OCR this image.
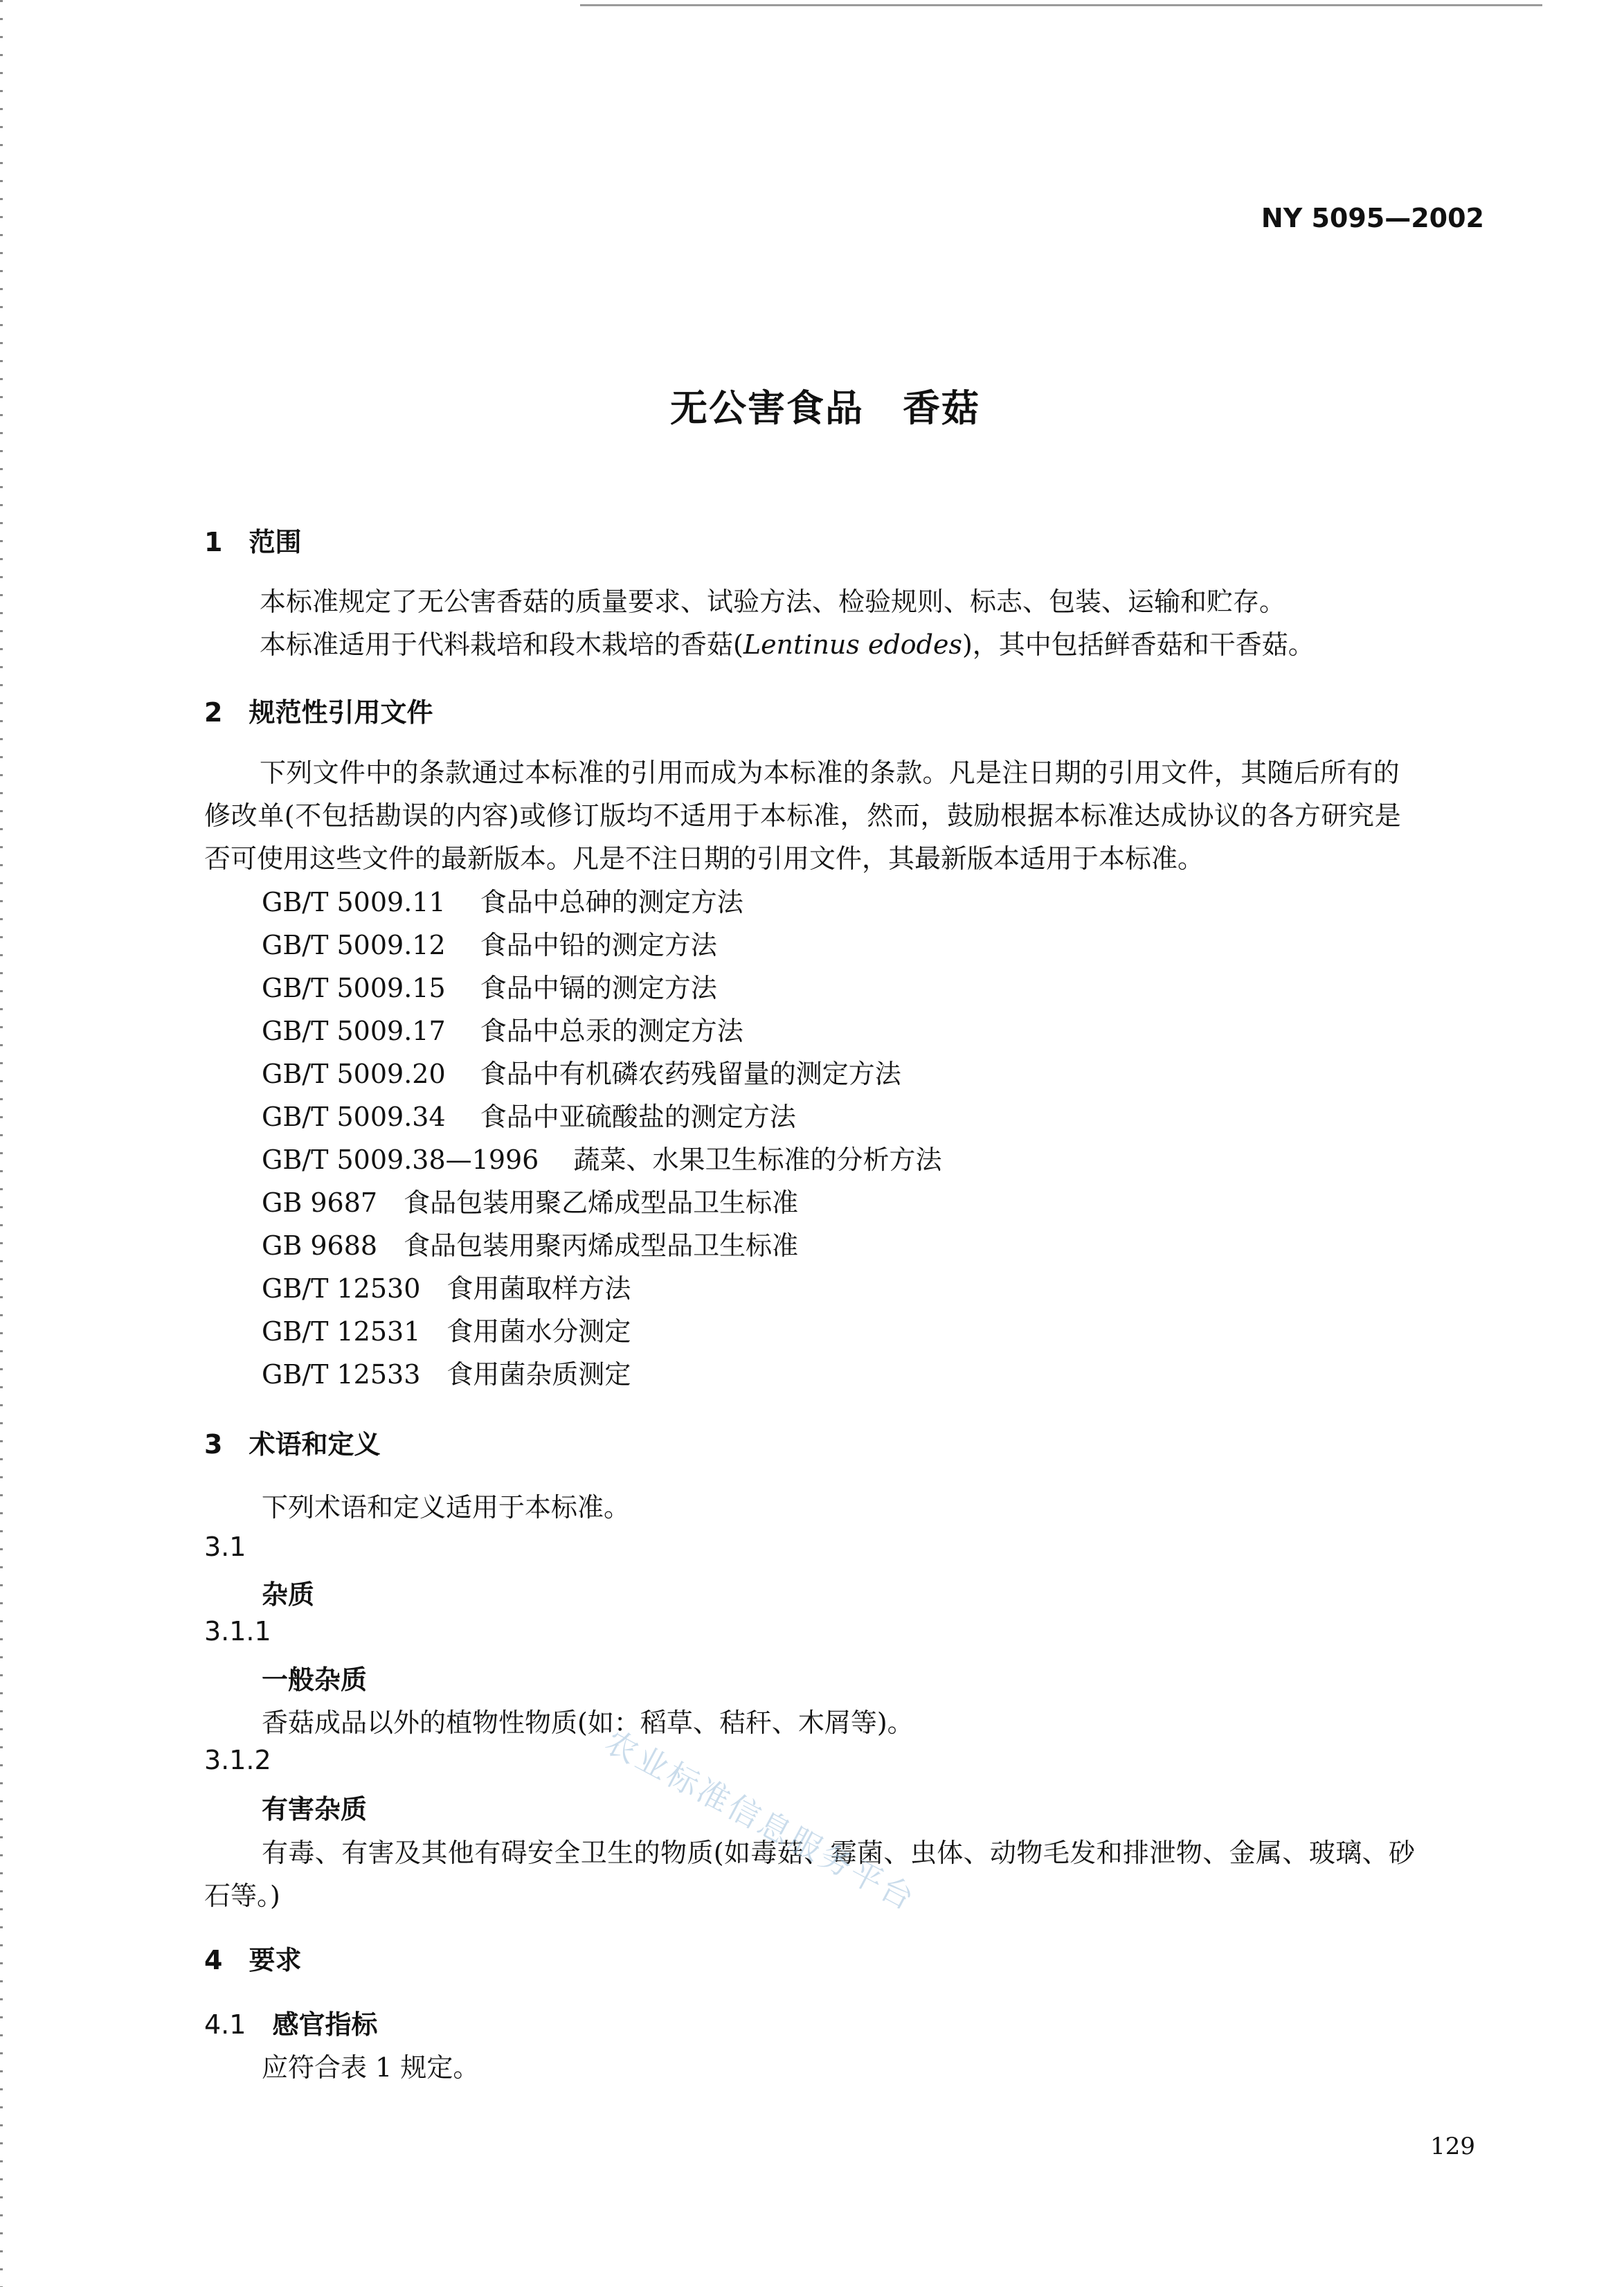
NY 5095—2002
无公害食品　香菇
1　范围
本标准规定了无公害香菇的质量要求、试验方法、检验规则、标志、包装、运输和贮存。
本标准适用于代料栽培和段木栽培的香菇(Lentinus edodes)，其中包括鲜香菇和干香菇。
2　规范性引用文件
下列文件中的条款通过本标准的引用而成为本标准的条款。凡是注日期的引用文件，其随后所有的
修改单(不包括勘误的内容)或修订版均不适用于本标准，然而，鼓励根据本标准达成协议的各方研究是
否可使用这些文件的最新版本。凡是不注日期的引用文件，其最新版本适用于本标准。
GB/T 5009.11　 食品中总砷的测定方法
GB/T 5009.12　 食品中铅的测定方法
GB/T 5009.15　 食品中镉的测定方法
GB/T 5009.17　 食品中总汞的测定方法
GB/T 5009.20　 食品中有机磷农药残留量的测定方法
GB/T 5009.34　 食品中亚硫酸盐的测定方法
GB/T 5009.38—1996　 蔬菜、水果卫生标准的分析方法
GB 9687　 食品包装用聚乙烯成型品卫生标准
GB 9688　 食品包装用聚丙烯成型品卫生标准
GB/T 12530　 食用菌取样方法
GB/T 12531　 食用菌水分测定
GB/T 12533　 食用菌杂质测定
3　术语和定义
下列术语和定义适用于本标准。
3.1
杂质
3.1.1
一般杂质
香菇成品以外的植物性物质(如：稻草、秸秆、木屑等)。
3.1.2
有害杂质
有毒、有害及其他有碍安全卫生的物质(如毒菇、霉菌、虫体、动物毛发和排泄物、金属、玻璃、砂
石等。)
4　要求
4.1　 感官指标
应符合表 1 规定。
农业标准信息服务平台
129
